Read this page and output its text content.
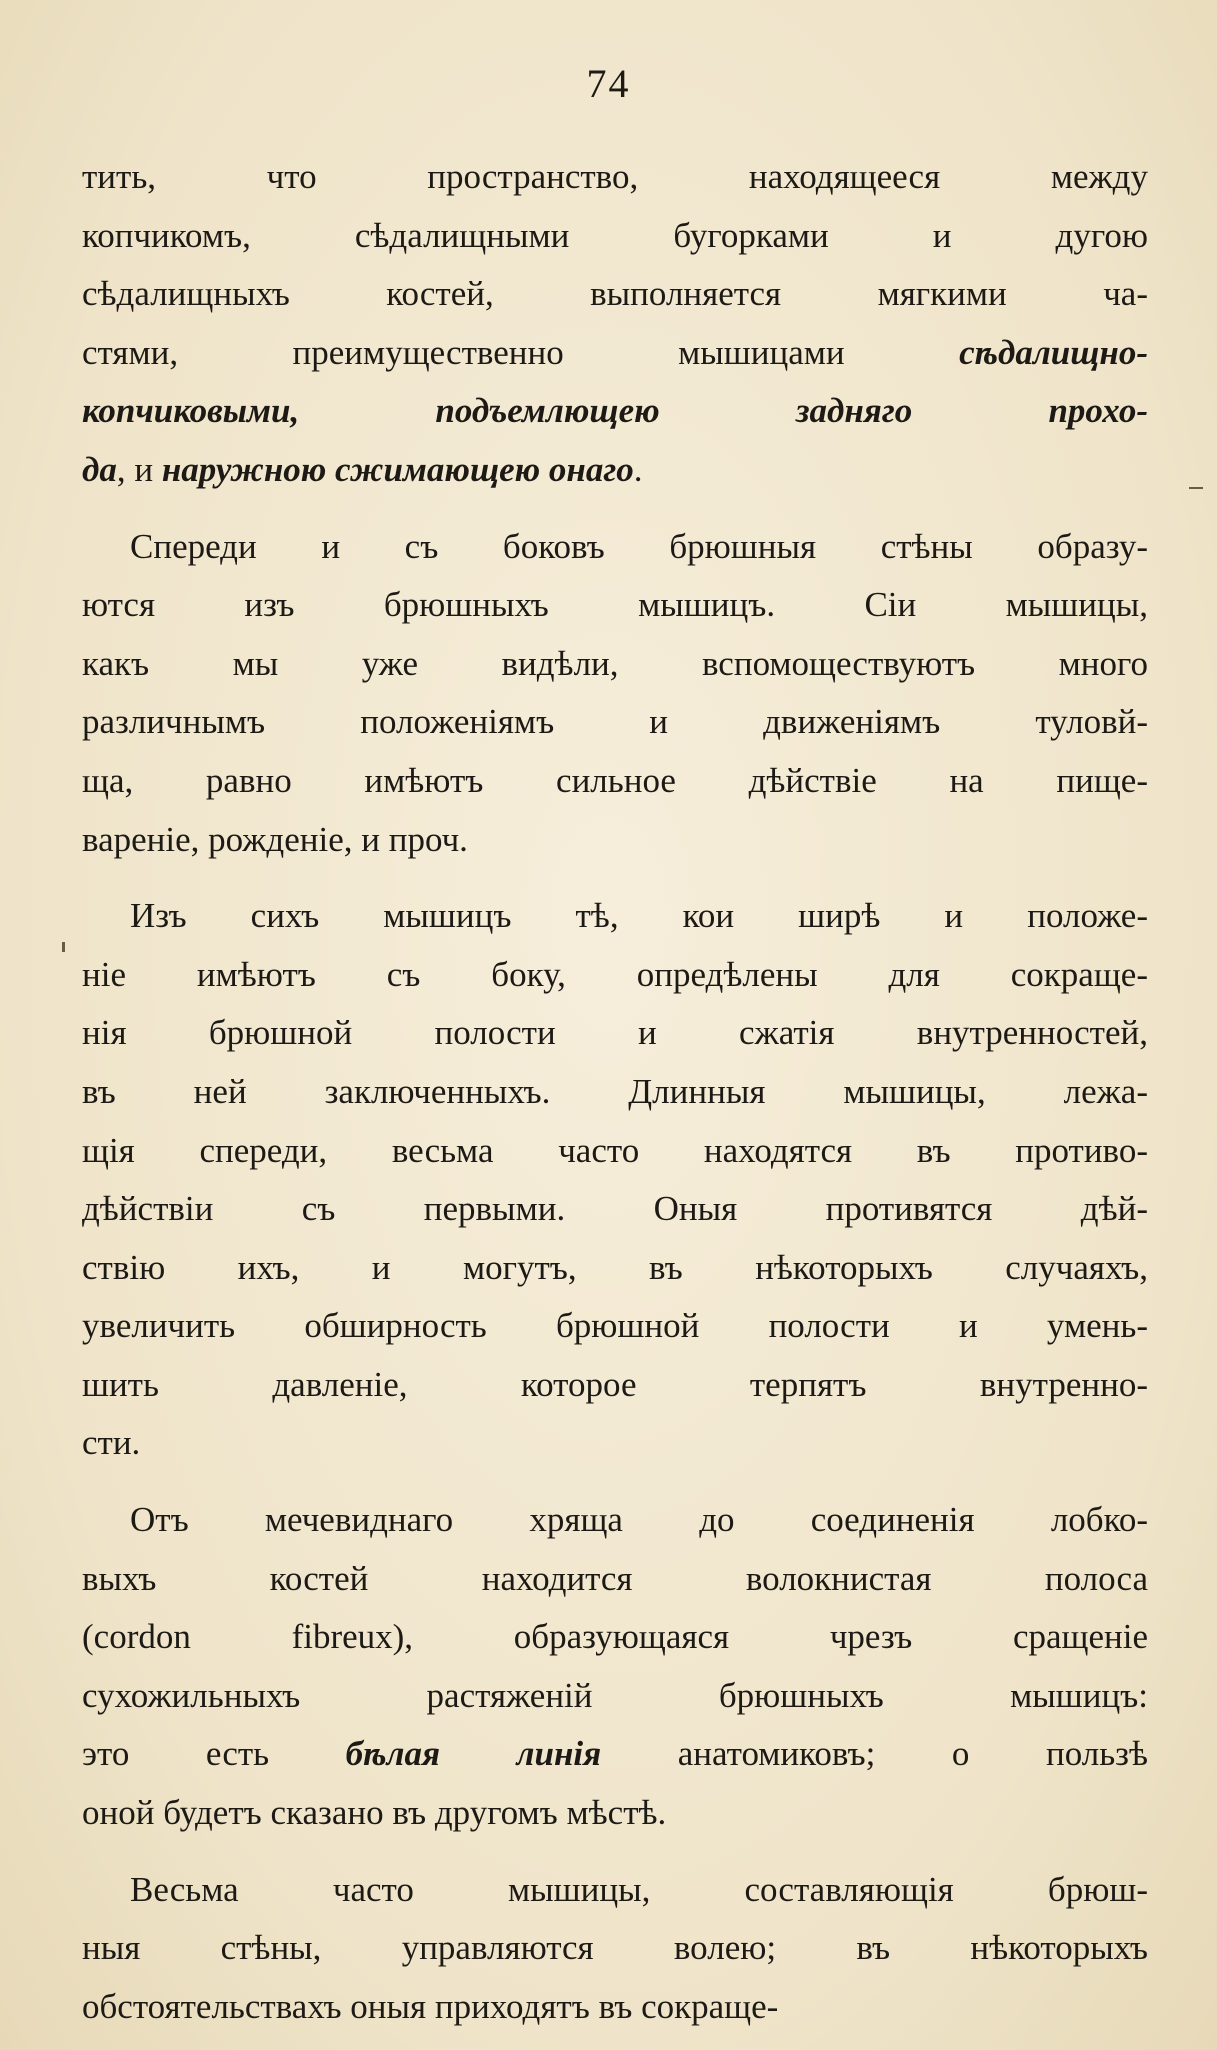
74
тить, что пространство, находящееся между
копчикомъ, сѣдалищными бугорками и дугою
сѣдалищныхъ костей, выполняется мягкими ча-
стями, преимущественно мышицами сѣдалищно-
копчиковыми, подъемлющею задняго прохо-
да, и наружною сжимающею онаго.
Спереди и съ боковъ брюшныя стѣны образу-
ются изъ брюшныхъ мышицъ. Сіи мышицы,
какъ мы уже видѣли, вспомоществуютъ много
различнымъ положеніямъ и движеніямъ туловй-
ща, равно имѣютъ сильное дѣйствіе на пище-
вареніе, рожденіе, и проч.
Изъ сихъ мышицъ тѣ, кои ширѣ и положе-
ніе имѣютъ съ боку, опредѣлены для сокраще-
нія брюшной полости и сжатія внутренностей,
въ ней заключенныхъ. Длинныя мышицы, лежа-
щія спереди, весьма часто находятся въ противо-
дѣйствіи съ первыми. Оныя противятся дѣй-
ствію ихъ, и могутъ, въ нѣкоторыхъ случаяхъ,
увеличить обширность брюшной полости и умень-
шить давленіе, которое терпятъ внутренно-
сти.
Отъ мечевиднаго хряща до соединенія лобко-
выхъ костей находится волокнистая полоса
(cordon fibreux), образующаяся чрезъ сращеніе
сухожильныхъ растяженій брюшныхъ мышицъ:
это есть бѣлая линія анатомиковъ; о пользѣ
оной будетъ сказано въ другомъ мѣстѣ.
Весьма часто мышицы, составляющія брюш-
ныя стѣны, управляются волею; въ нѣкоторыхъ
обстоятельствахъ оныя приходятъ въ сокраще-
